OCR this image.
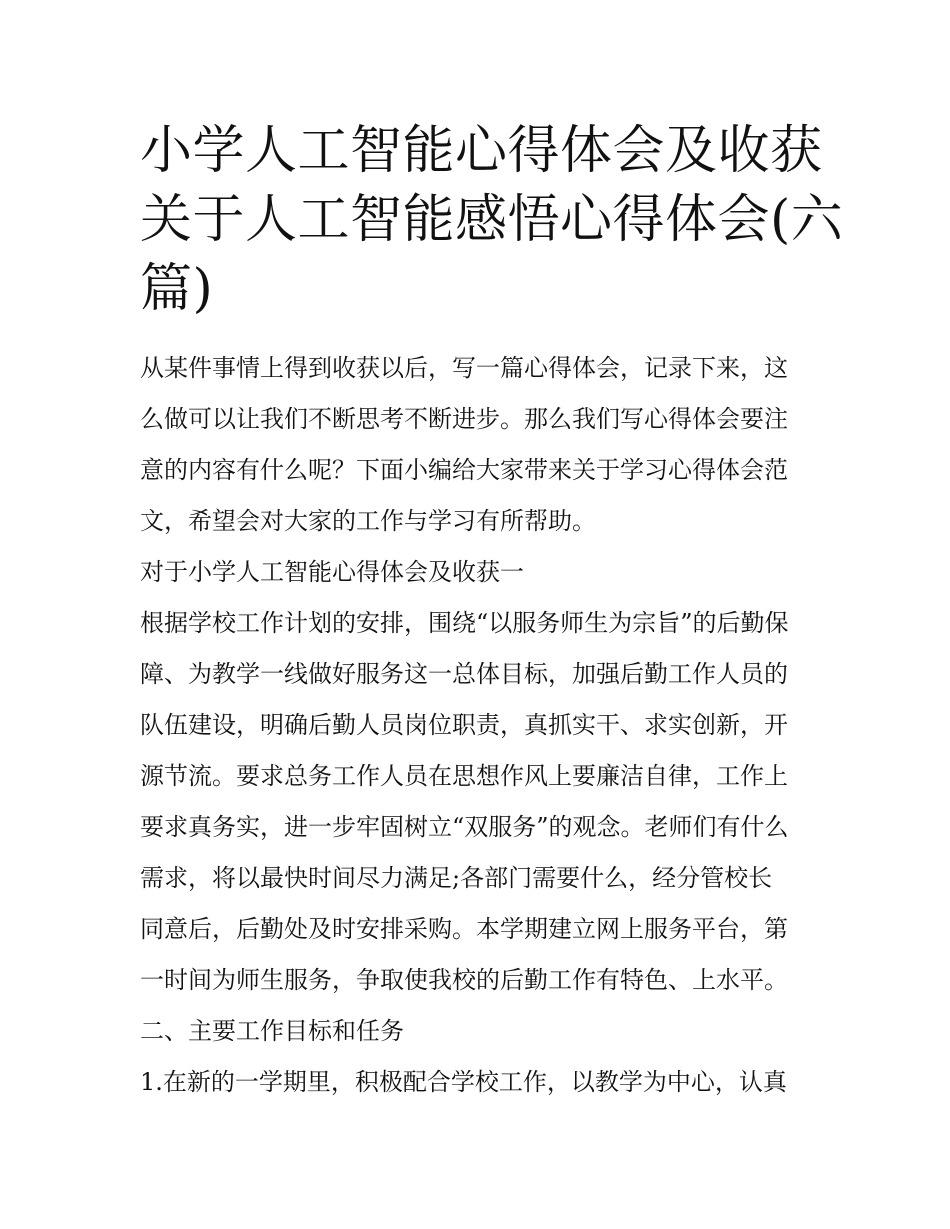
小学人工智能心得体会及收获
关于人工智能感悟心得体会(六
篇)

从某件事情上得到收获以后，写一篇心得体会，记录下来，这
么做可以让我们不断思考不断进步。那么我们写心得体会要注
意的内容有什么呢？下面小编给大家带来关于学习心得体会范
文，希望会对大家的工作与学习有所帮助。

对于小学人工智能心得体会及收获一

根据学校工作计划的安排，围绕“以服务师生为宗旨”的后勤保
障、为教学一线做好服务这一总体目标，加强后勤工作人员的
队伍建设，明确后勤人员岗位职责，真抓实干、求实创新，开
源节流。要求总务工作人员在思想作风上要廉洁自律，工作上
要求真务实，进一步牢固树立“双服务”的观念。老师们有什么
需求，将以最快时间尽力满足;各部门需要什么，经分管校长
同意后，后勤处及时安排采购。本学期建立网上服务平台，第
一时间为师生服务，争取使我校的后勤工作有特色、上水平。

二、主要工作目标和任务

1.在新的一学期里，积极配合学校工作，以教学为中心，认真
